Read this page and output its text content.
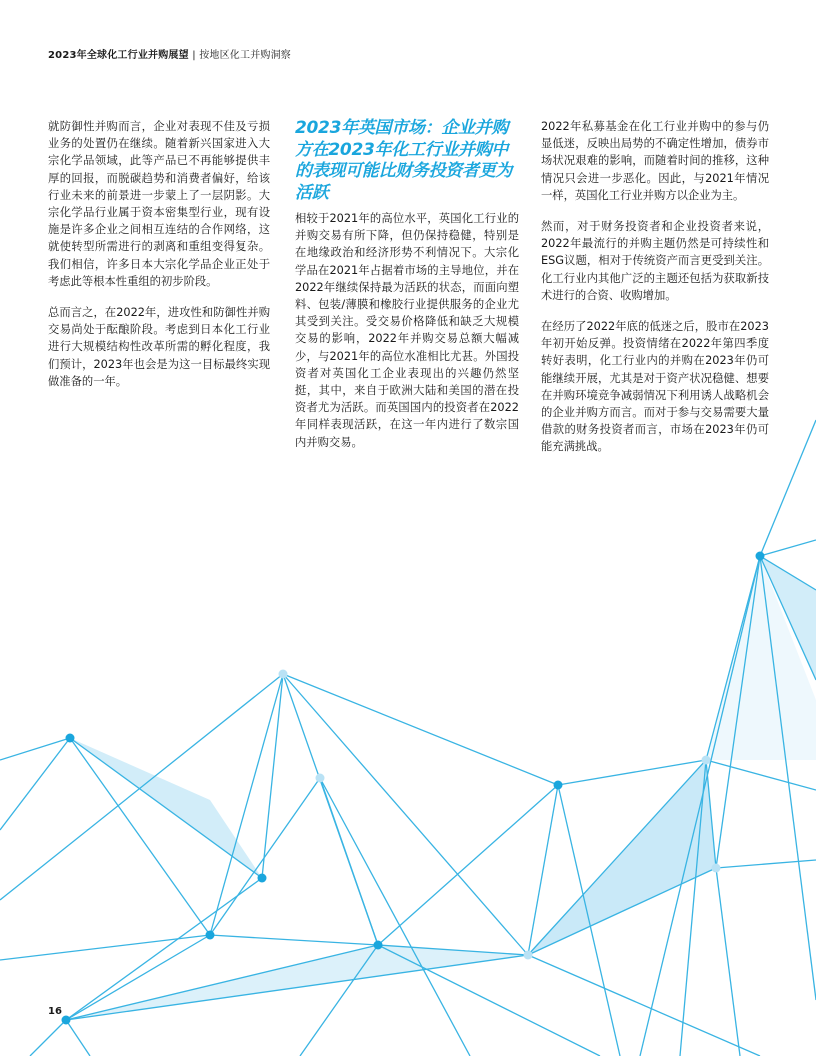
2023年全球化工行业并购展望 | 按地区化工并购洞察

就防御性并购而言，企业对表现不佳及亏损业务的处置仍在继续。随着新兴国家进入大宗化学品领域，此等产品已不再能够提供丰厚的回报，而脱碳趋势和消费者偏好，给该行业未来的前景进一步蒙上了一层阴影。大宗化学品行业属于资本密集型行业，现有设施是许多企业之间相互连结的合作网络，这就使转型所需进行的剥离和重组变得复杂。我们相信，许多日本大宗化学品企业正处于考虑此等根本性重组的初步阶段。

总而言之，在2022年，进攻性和防御性并购交易尚处于酝酿阶段。考虑到日本化工行业进行大规模结构性改革所需的孵化程度，我们预计，2023年也会是为这一目标最终实现做准备的一年。

2023年英国市场：企业并购方在2023年化工行业并购中的表现可能比财务投资者更为活跃

相较于2021年的高位水平，英国化工行业的并购交易有所下降，但仍保持稳健，特别是在地缘政治和经济形势不利情况下。大宗化学品在2021年占据着市场的主导地位，并在2022年继续保持最为活跃的状态，而面向塑料、包装/薄膜和橡胶行业提供服务的企业尤其受到关注。受交易价格降低和缺乏大规模交易的影响，2022年并购交易总额大幅减少，与2021年的高位水准相比尤甚。外国投资者对英国化工企业表现出的兴趣仍然坚挺，其中，来自于欧洲大陆和美国的潜在投资者尤为活跃。而英国国内的投资者在2022年同样表现活跃，在这一年内进行了数宗国内并购交易。

2022年私募基金在化工行业并购中的参与仍显低迷，反映出局势的不确定性增加，债券市场状况艰难的影响，而随着时间的推移，这种情况只会进一步恶化。因此，与2021年情况一样，英国化工行业并购方以企业为主。

然而，对于财务投资者和企业投资者来说，2022年最流行的并购主题仍然是可持续性和ESG议题，相对于传统资产而言更受到关注。化工行业内其他广泛的主题还包括为获取新技术进行的合资、收购增加。

在经历了2022年底的低迷之后，股市在2023年初开始反弹。投资情绪在2022年第四季度转好表明，化工行业内的并购在2023年仍可能继续开展，尤其是对于资产状况稳健、想要在并购环境竞争减弱情况下利用诱人战略机会的企业并购方而言。而对于参与交易需要大量借款的财务投资者而言，市场在2023年仍可能充满挑战。

16
